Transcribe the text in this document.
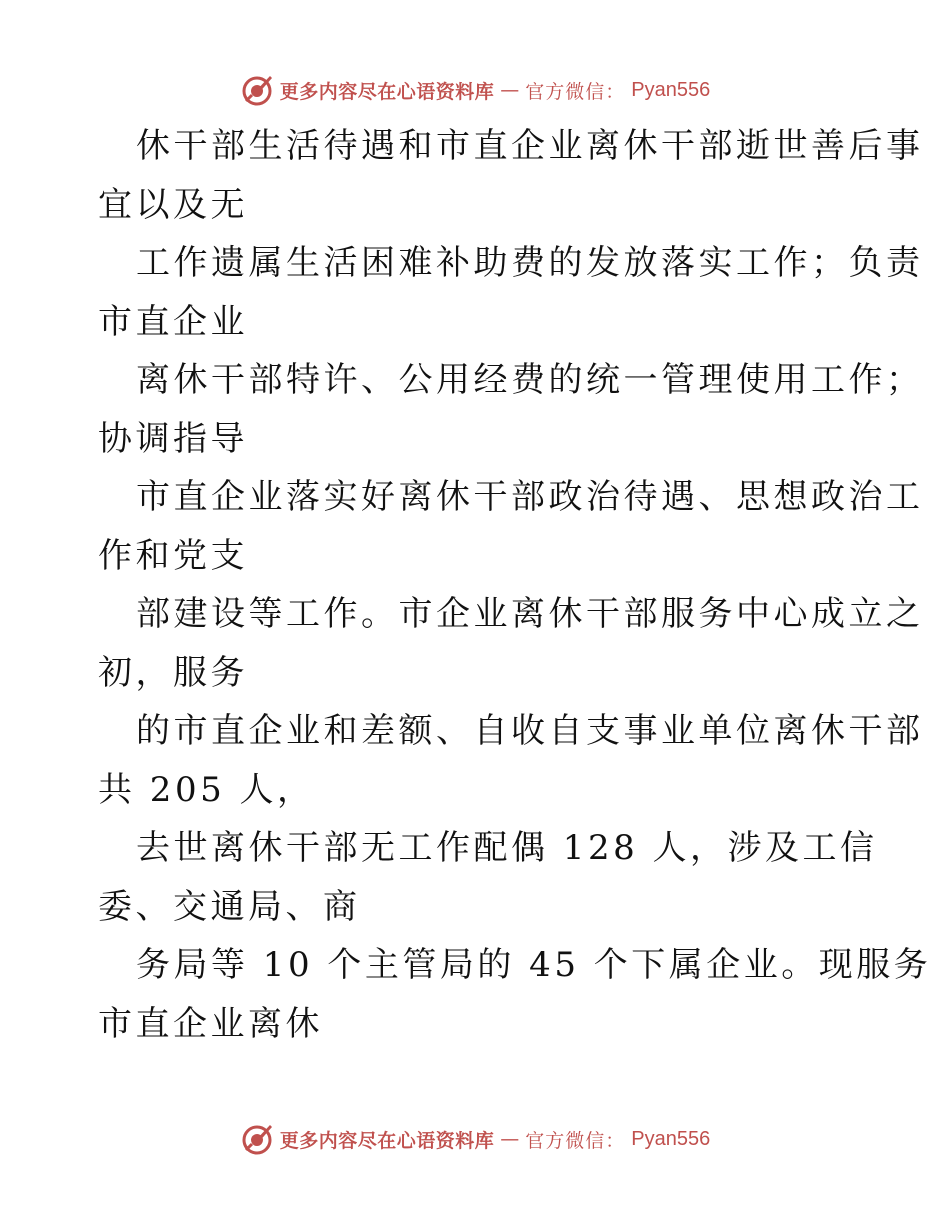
更多内容尽在心语资料库 — 官方微信： Pyan556
休干部生活待遇和市直企业离休干部逝世善后事
宜以及无
工作遗属生活困难补助费的发放落实工作；负责
市直企业
离休干部特许、公用经费的统一管理使用工作；
协调指导
市直企业落实好离休干部政治待遇、思想政治工
作和党支
部建设等工作。市企业离休干部服务中心成立之
初，服务
的市直企业和差额、自收自支事业单位离休干部
共 205 人，
去世离休干部无工作配偶 128 人，涉及工信
委、交通局、商
务局等 10 个主管局的 45 个下属企业。现服务
市直企业离休
更多内容尽在心语资料库 — 官方微信： Pyan556
